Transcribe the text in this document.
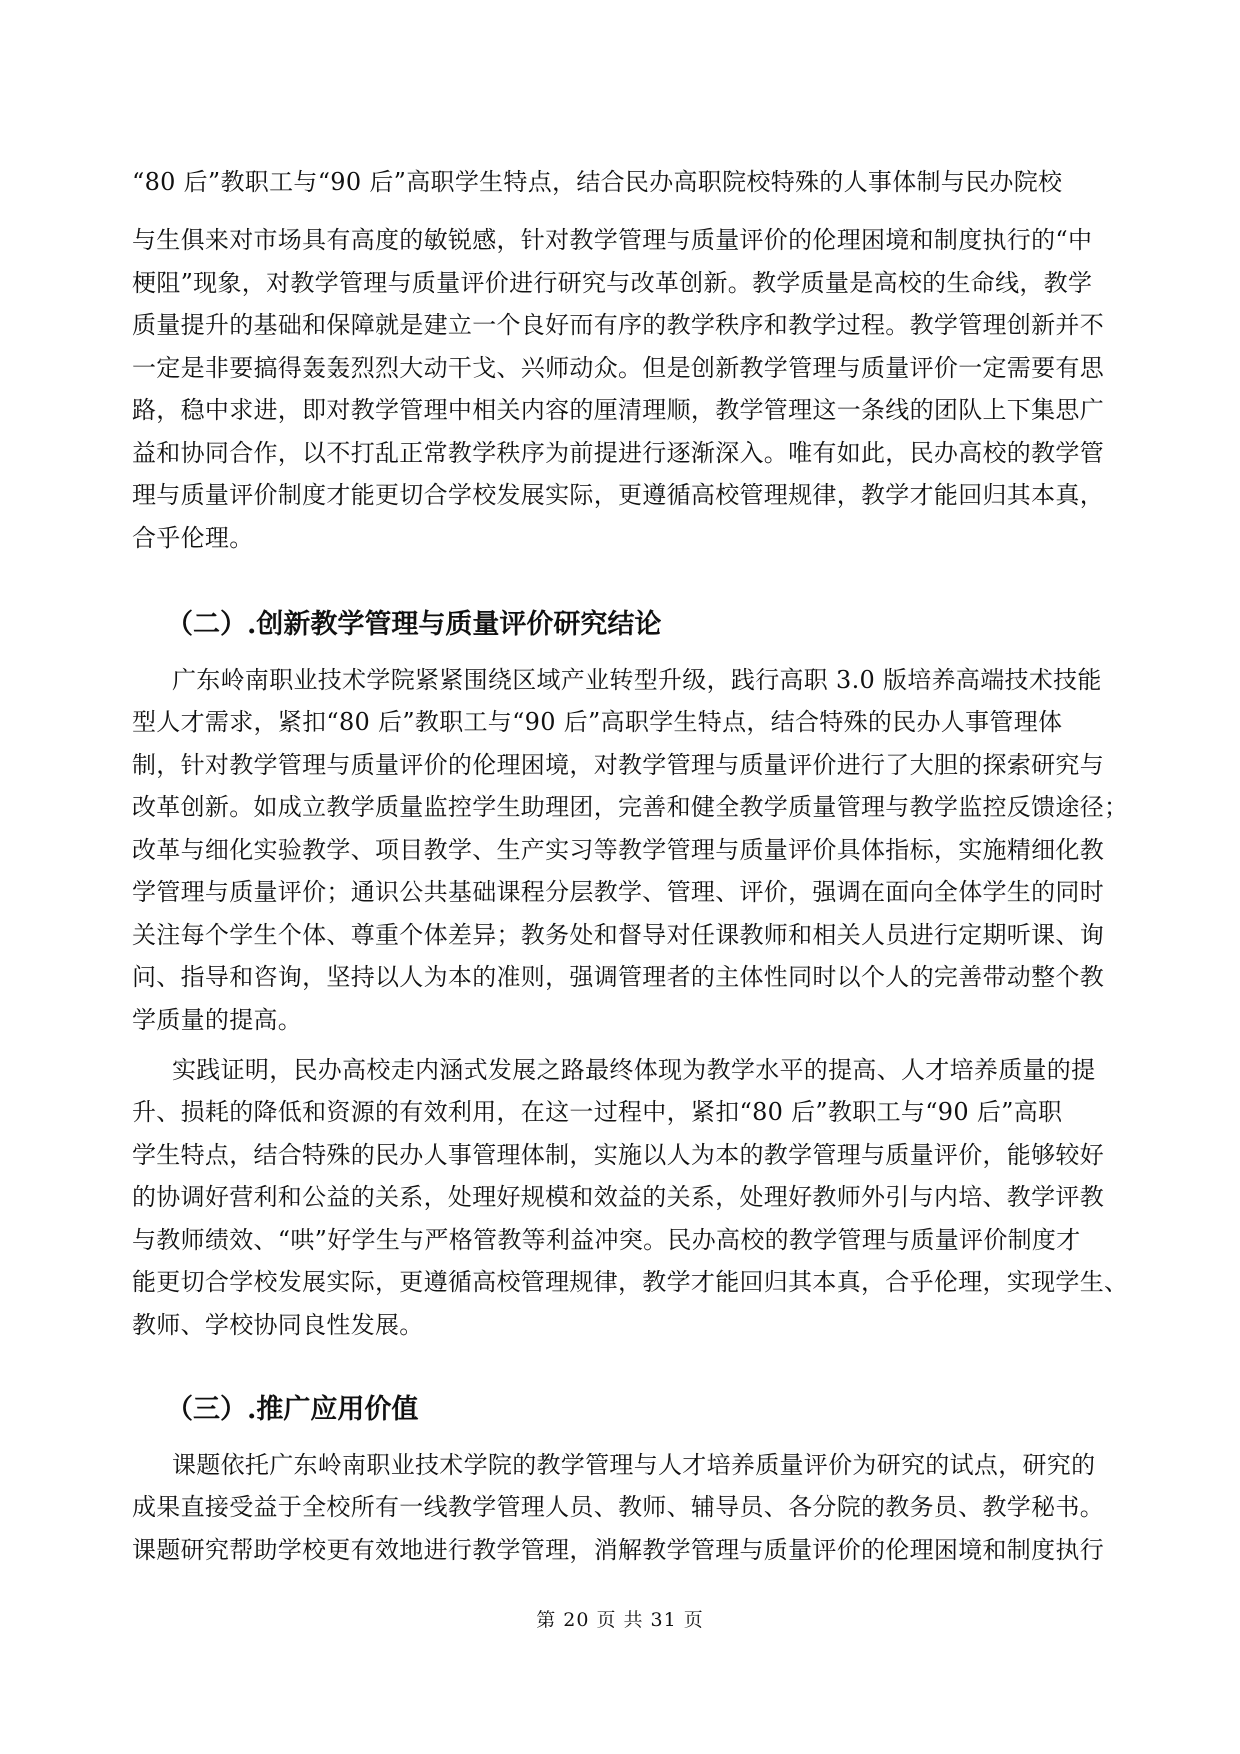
“80 后”教职工与“90 后”高职学生特点，结合民办高职院校特殊的人事体制与民办院校
与生俱来对市场具有高度的敏锐感，针对教学管理与质量评价的伦理困境和制度执行的“中
梗阻”现象，对教学管理与质量评价进行研究与改革创新。教学质量是高校的生命线，教学
质量提升的基础和保障就是建立一个良好而有序的教学秩序和教学过程。教学管理创新并不
一定是非要搞得轰轰烈烈大动干戈、兴师动众。但是创新教学管理与质量评价一定需要有思
路，稳中求进，即对教学管理中相关内容的厘清理顺，教学管理这一条线的团队上下集思广
益和协同合作，以不打乱正常教学秩序为前提进行逐渐深入。唯有如此，民办高校的教学管
理与质量评价制度才能更切合学校发展实际，更遵循高校管理规律，教学才能回归其本真，
合乎伦理。
（二）.创新教学管理与质量评价研究结论
广东岭南职业技术学院紧紧围绕区域产业转型升级，践行高职 3.0 版培养高端技术技能
型人才需求，紧扣“80 后”教职工与“90 后”高职学生特点，结合特殊的民办人事管理体
制，针对教学管理与质量评价的伦理困境，对教学管理与质量评价进行了大胆的探索研究与
改革创新。如成立教学质量监控学生助理团，完善和健全教学质量管理与教学监控反馈途径；
改革与细化实验教学、项目教学、生产实习等教学管理与质量评价具体指标，实施精细化教
学管理与质量评价；通识公共基础课程分层教学、管理、评价，强调在面向全体学生的同时
关注每个学生个体、尊重个体差异；教务处和督导对任课教师和相关人员进行定期听课、询
问、指导和咨询，坚持以人为本的准则，强调管理者的主体性同时以个人的完善带动整个教
学质量的提高。
实践证明，民办高校走内涵式发展之路最终体现为教学水平的提高、人才培养质量的提
升、损耗的降低和资源的有效利用，在这一过程中，紧扣“80 后”教职工与“90 后”高职
学生特点，结合特殊的民办人事管理体制，实施以人为本的教学管理与质量评价，能够较好
的协调好营利和公益的关系，处理好规模和效益的关系，处理好教师外引与内培、教学评教
与教师绩效、“哄”好学生与严格管教等利益冲突。民办高校的教学管理与质量评价制度才
能更切合学校发展实际，更遵循高校管理规律，教学才能回归其本真，合乎伦理，实现学生、
教师、学校协同良性发展。
（三）.推广应用价值
课题依托广东岭南职业技术学院的教学管理与人才培养质量评价为研究的试点，研究的
成果直接受益于全校所有一线教学管理人员、教师、辅导员、各分院的教务员、教学秘书。
课题研究帮助学校更有效地进行教学管理，消解教学管理与质量评价的伦理困境和制度执行
第 20 页 共 31 页
